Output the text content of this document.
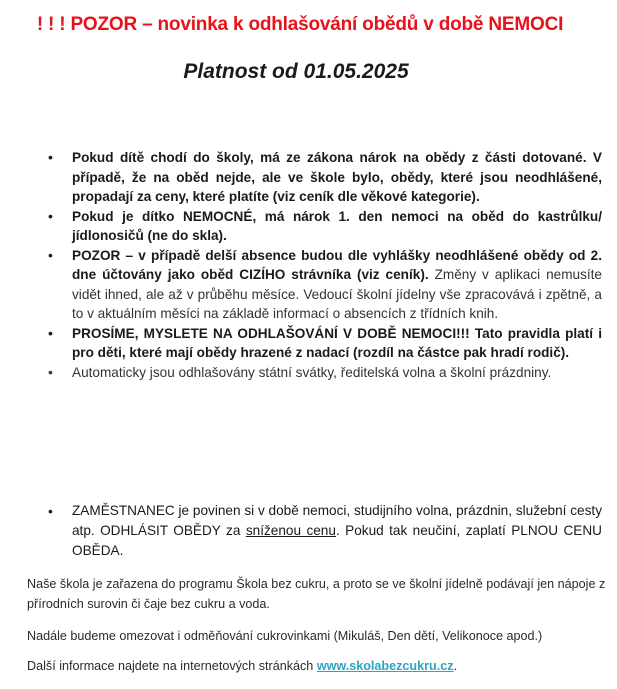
! ! ! POZOR – novinka k odhlašování obědů v době NEMOCI
Platnost od 01.05.2025
• Pokud dítě chodí do školy, má ze zákona nárok na obědy z části dotované. V případě, že na oběd nejde, ale ve škole bylo, obědy, které jsou neodhlášené, propadají za ceny, které platíte (viz ceník dle věkové kategorie).
• Pokud je dítko NEMOCNÉ, má nárok 1. den nemoci na oběd do kastrůlku/ jídlonosičů (ne do skla).
• POZOR – v případě delší absence budou dle vyhlášky neodhlášené obědy od 2. dne účtovány jako oběd CIZÍHO strávníka (viz ceník). Změny v aplikaci nemusíte vidět ihned, ale až v průběhu měsíce. Vedoucí školní jídelny vše zpracovává i zpětně, a to v aktuálním měsíci na základě informací o absencích z třídních knih.
• PROSÍME, MYSLETE NA ODHLAŠOVÁNÍ V DOBĚ NEMOCI!!! Tato pravidla platí i pro děti, které mají obědy hrazené z nadací (rozdíl na částce pak hradí rodič).
• Automaticky jsou odhlašovány státní svátky, ředitelská volna a školní prázdniny.
• ZAMĚSTNANEC je povinen si v době nemoci, studijního volna, prázdnin, služební cesty atp. ODHLÁSIT OBĚDY za sníženou cenu. Pokud tak neučiní, zaplatí PLNOU CENU OBĚDA.
Naše škola je zařazena do programu Škola bez cukru, a proto se ve školní jídelně podávají jen nápoje z přírodních surovin či čaje bez cukru a voda.
Nadále budeme omezovat i odměňování cukrovinkami (Mikuláš, Den dětí, Velikonoce apod.)
Další informace najdete na internetových stránkách www.skolabezcukru.cz.
